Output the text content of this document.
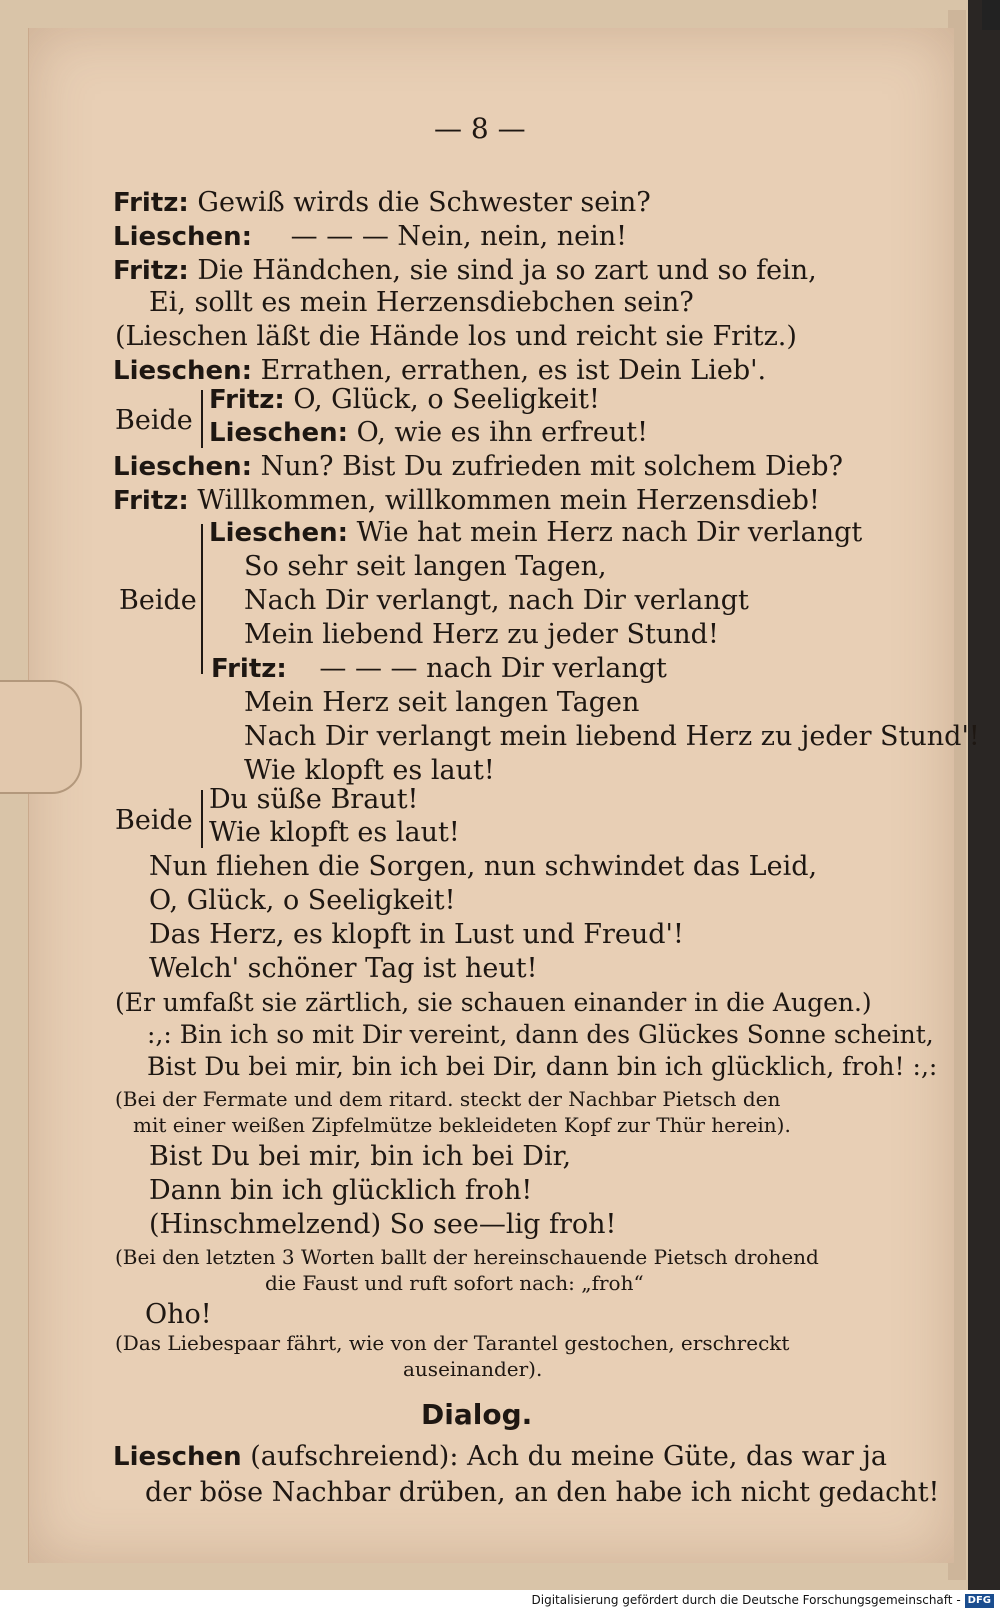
— 8 —
Fritz: Gewiß wirds die Schwester sein?
Lieschen: — — — Nein, nein, nein!
Fritz: Die Händchen, sie sind ja so zart und so fein,
Ei, sollt es mein Herzensdiebchen sein?
(Lieschen läßt die Hände los und reicht sie Fritz.)
Lieschen: Errathen, errathen, es ist Dein Lieb'.
Beide
Fritz: O, Glück, o Seeligkeit!
Lieschen: O, wie es ihn erfreut!
Lieschen: Nun? Bist Du zufrieden mit solchem Dieb?
Fritz: Willkommen, willkommen mein Herzensdieb!
Beide
Lieschen: Wie hat mein Herz nach Dir verlangt
So sehr seit langen Tagen,
Nach Dir verlangt, nach Dir verlangt
Mein liebend Herz zu jeder Stund!
Fritz: — — — nach Dir verlangt
Mein Herz seit langen Tagen
Nach Dir verlangt mein liebend Herz zu jeder Stund'!
Wie klopft es laut!
Beide
Du süße Braut!
Wie klopft es laut!
Nun fliehen die Sorgen, nun schwindet das Leid,
O, Glück, o Seeligkeit!
Das Herz, es klopft in Lust und Freud'!
Welch' schöner Tag ist heut!
(Er umfaßt sie zärtlich, sie schauen einander in die Augen.)
:,: Bin ich so mit Dir vereint, dann des Glückes Sonne scheint,
Bist Du bei mir, bin ich bei Dir, dann bin ich glücklich, froh! :,:
(Bei der Fermate und dem ritard. steckt der Nachbar Pietsch den
mit einer weißen Zipfelmütze bekleideten Kopf zur Thür herein).
Bist Du bei mir, bin ich bei Dir,
Dann bin ich glücklich froh!
(Hinschmelzend) So see—lig froh!
(Bei den letzten 3 Worten ballt der hereinschauende Pietsch drohend
die Faust und ruft sofort nach: „froh“
Oho!
(Das Liebespaar fährt, wie von der Tarantel gestochen, erschreckt
auseinander).
Dialog.
Lieschen (aufschreiend): Ach du meine Güte, das war ja
der böse Nachbar drüben, an den habe ich nicht gedacht!
Digitalisierung gefördert durch die Deutsche Forschungsgemeinschaft - DFG
